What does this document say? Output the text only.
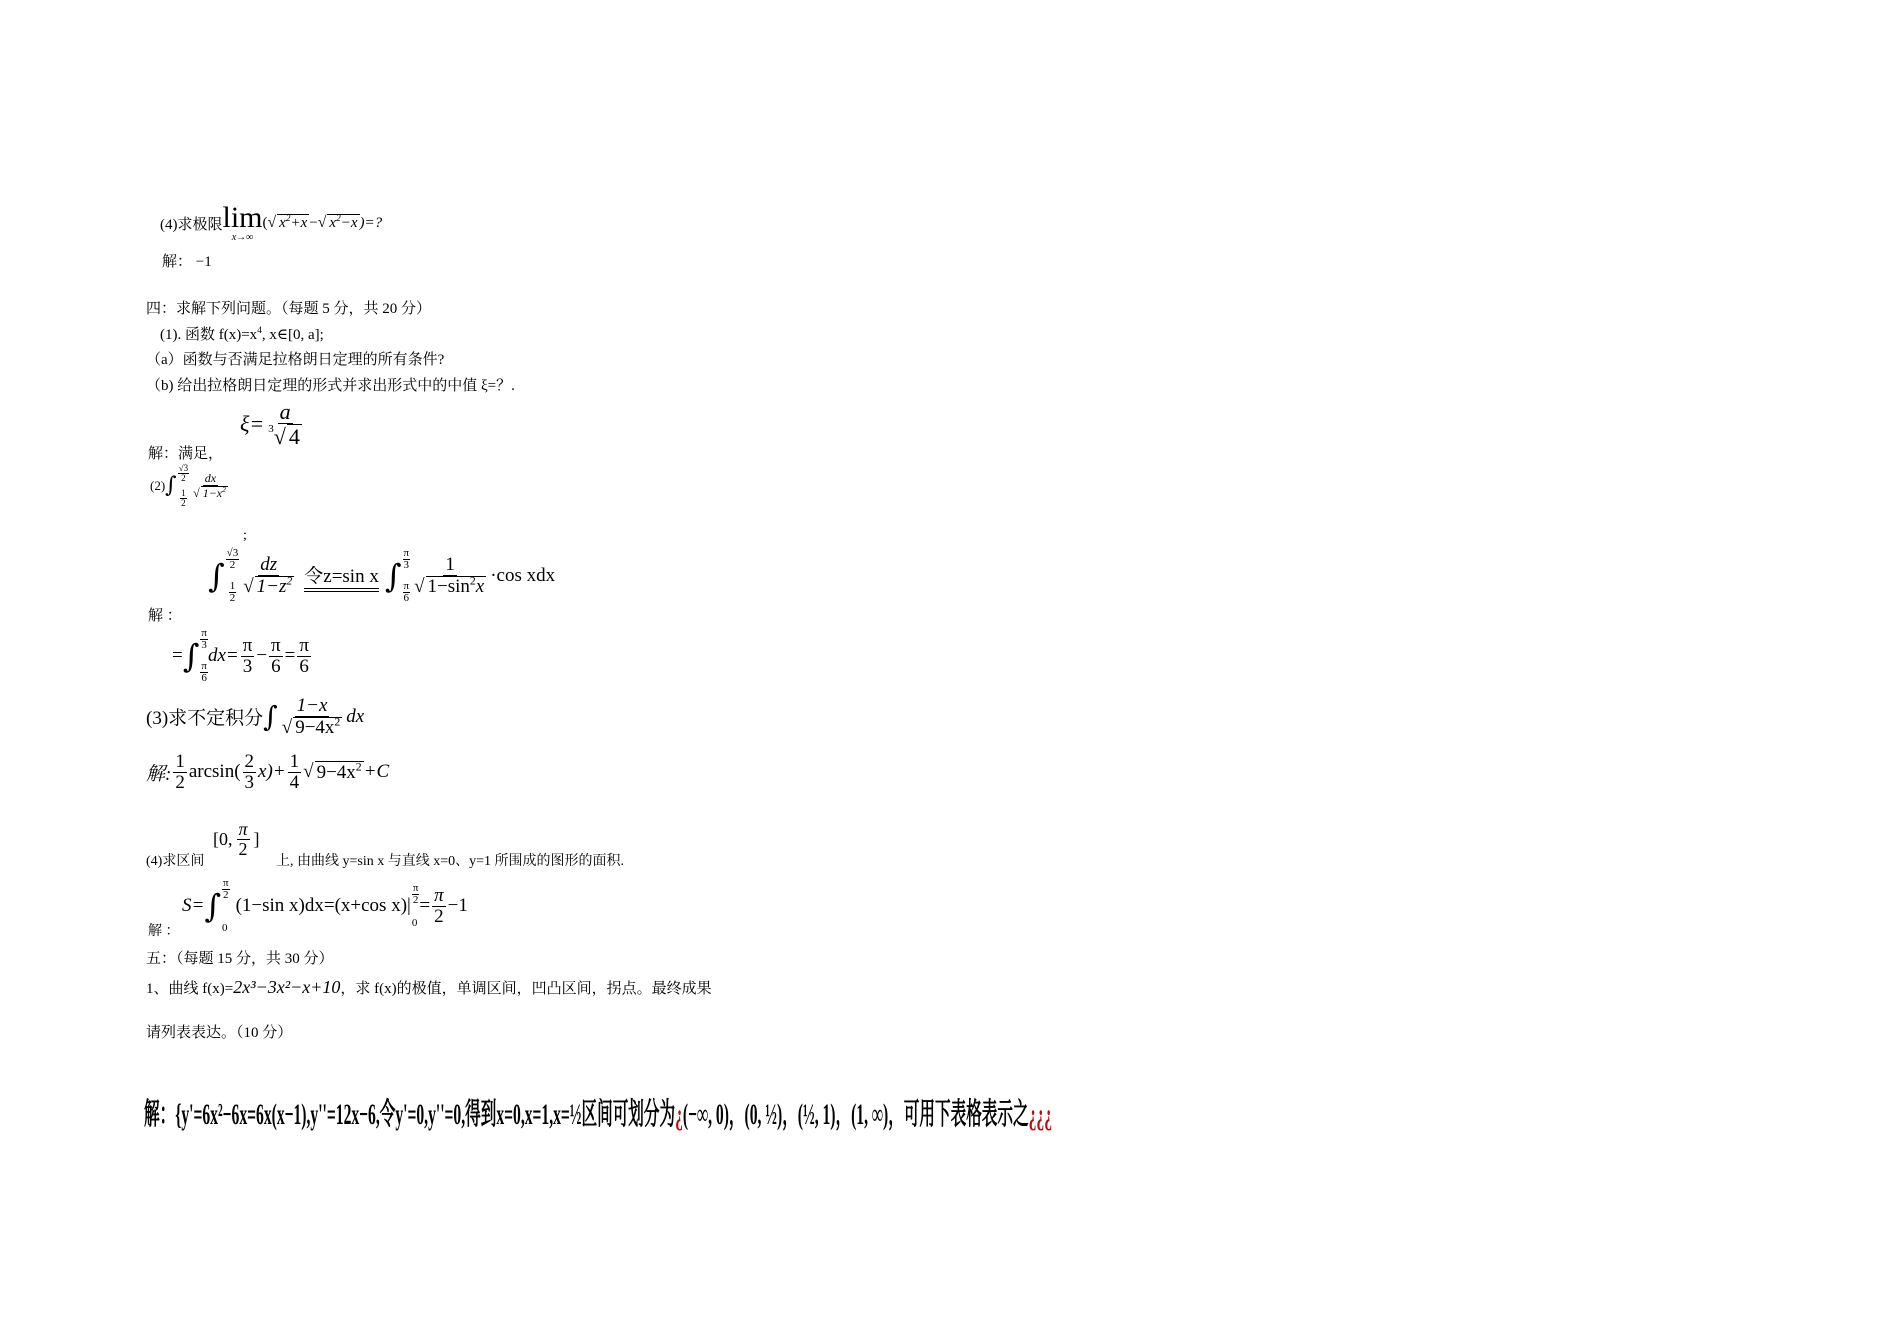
(4)求极限 lim
x→∞
( √ $x^2+x$ − √ $x^2-x$ )=?
解： −1
四：求解下列问题。（每题 5 分，共 20 分）
(1). 函数 $f(x)=x^4$, x∈[0, a];
（a）函数与否满足拉格朗日定理的所有条件?
（b) 给出拉格朗日定理的形式并求出形式中的中值 ξ=？.
$\xi= \frac{a}{^3√ 4}$
解：满足，
(2) ∫ $\frac{√3}{2}$
$\frac{1}{2} \frac{dx}{√ 1-x^2}$
;
解 ：
∫ $\frac{√3}{2}$
$\frac{1}{2} \frac{dz}{√ 1-z^2}$ 令z=sin x ∫ $\frac{\pi}{3}$
$\frac{\pi}{6} \frac{1}{√ 1-\sin^2x} \cdot\cos$ xdx
= ∫ $\frac{\pi}{3}$
$\frac{\pi}{6}$
$dx= \frac{\pi}{3} - \frac{\pi}{6} = \frac{\pi}{6}$
(3)求不定积分 ∫ $\frac{1-x}{√ 9-4x^2}$ dx
解: $\frac{1}{2} \arcsin( \frac{2}{3} x)+ \frac{1}{4}$ √ $9-4x^2 +C$
(4)求区间
[0, $\frac{\pi}{2}$ ]
上, 由曲线 y=sin x 与直线 x=0、y=1 所围成的图形的面积.
解 ：
S= ∫ $\frac{\pi}{2}$
0
(1−sin x)dx=(x+cos $x)| \frac{\pi}{2}$
0
= $\frac{\pi}{2} -1$
五：（每题 15 分，共 30 分）
1、曲线 f(x)= 2x³−3x²−x+10 ，求 f(x)的极值，单调区间，凹凸区间，拐点。最终成果
请列表表达。（10 分）
解：{y'=6x²−6x=6x(x−1),y''=12x−6,令y'=0,y''=0,得到x=0,x=1,x=½区间可划分为¿(−∞, 0)，(0, ½)，(½, 1)，(1, ∞)，可用下表格表示之¿¿¿
